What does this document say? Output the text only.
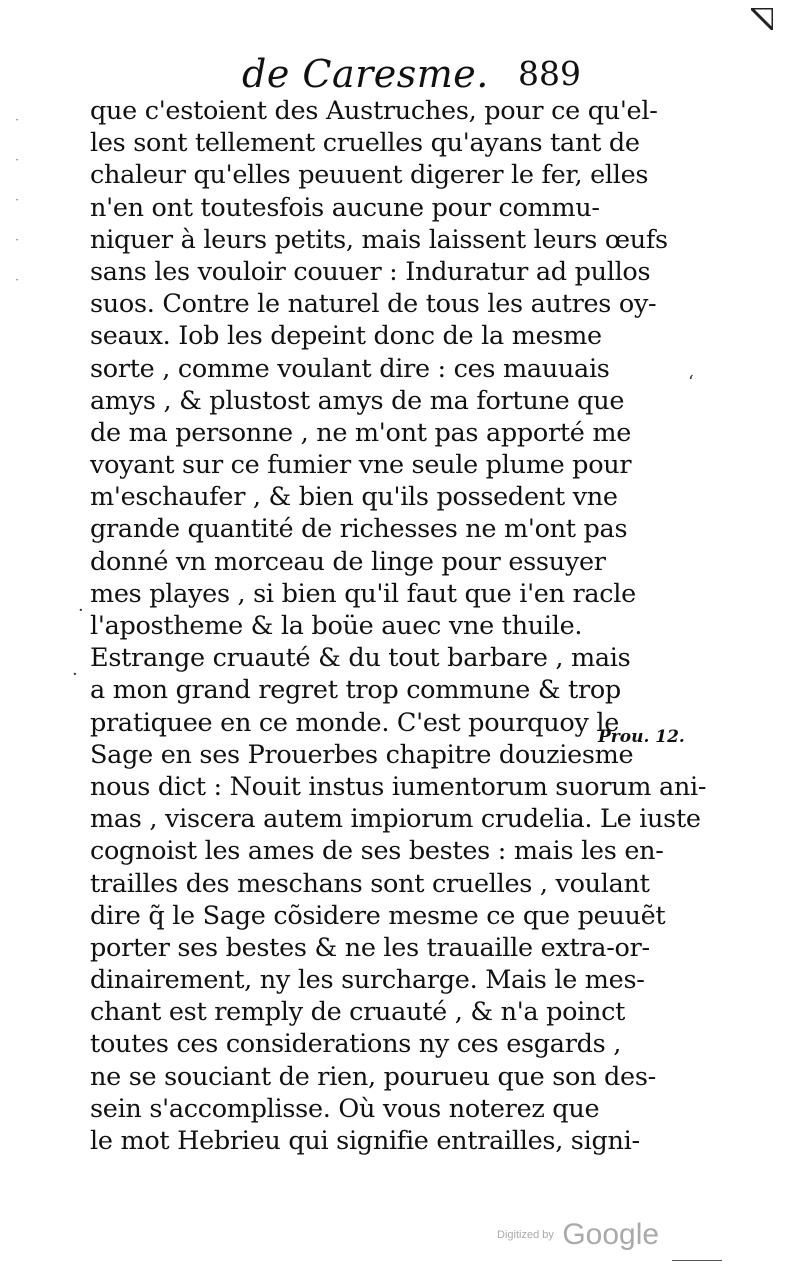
·
·
·
·
·
de Caresme. 889
que c'estoient des Austruches, pour ce qu'el-
les sont tellement cruelles qu'ayans tant de
chaleur qu'elles peuuent digerer le fer, elles
n'en ont toutesfois aucune pour commu-
niquer à leurs petits, mais laissent leurs œufs
sans les vouloir couuer : Induratur ad pullos
suos. Contre le naturel de tous les autres oy-
seaux. Iob les depeint donc de la mesme
sorte , comme voulant dire : ces mauuais
amys , & plustost amys de ma fortune que
de ma personne , ne m'ont pas apporté me
voyant sur ce fumier vne seule plume pour
m'eschaufer , & bien qu'ils possedent vne
grande quantité de richesses ne m'ont pas
donné vn morceau de linge pour essuyer
mes playes , si bien qu'il faut que i'en racle
l'apostheme & la boüe auec vne thuile.
Estrange cruauté & du tout barbare , mais
a mon grand regret trop commune & trop
pratiquee en ce monde. C'est pourquoy le
Sage en ses Prouerbes chapitre douziesme
nous dict : Nouit instus iumentorum suorum ani-
mas , viscera autem impiorum crudelia. Le iuste
cognoist les ames de ses bestes : mais les en-
trailles des meschans sont cruelles , voulant
dire q̃ le Sage cõsidere mesme ce que peuuẽt
porter ses bestes & ne les trauaille extra-or-
dinairement, ny les surcharge. Mais le mes-
chant est remply de cruauté , & n'a poinct
toutes ces considerations ny ces esgards ,
ne se souciant de rien, pourueu que son des-
sein s'accomplisse. Où vous noterez que
le mot Hebrieu qui signifie entrailles, signi-
Prou. 12.
·
·
ʻ
Digitized by Google
